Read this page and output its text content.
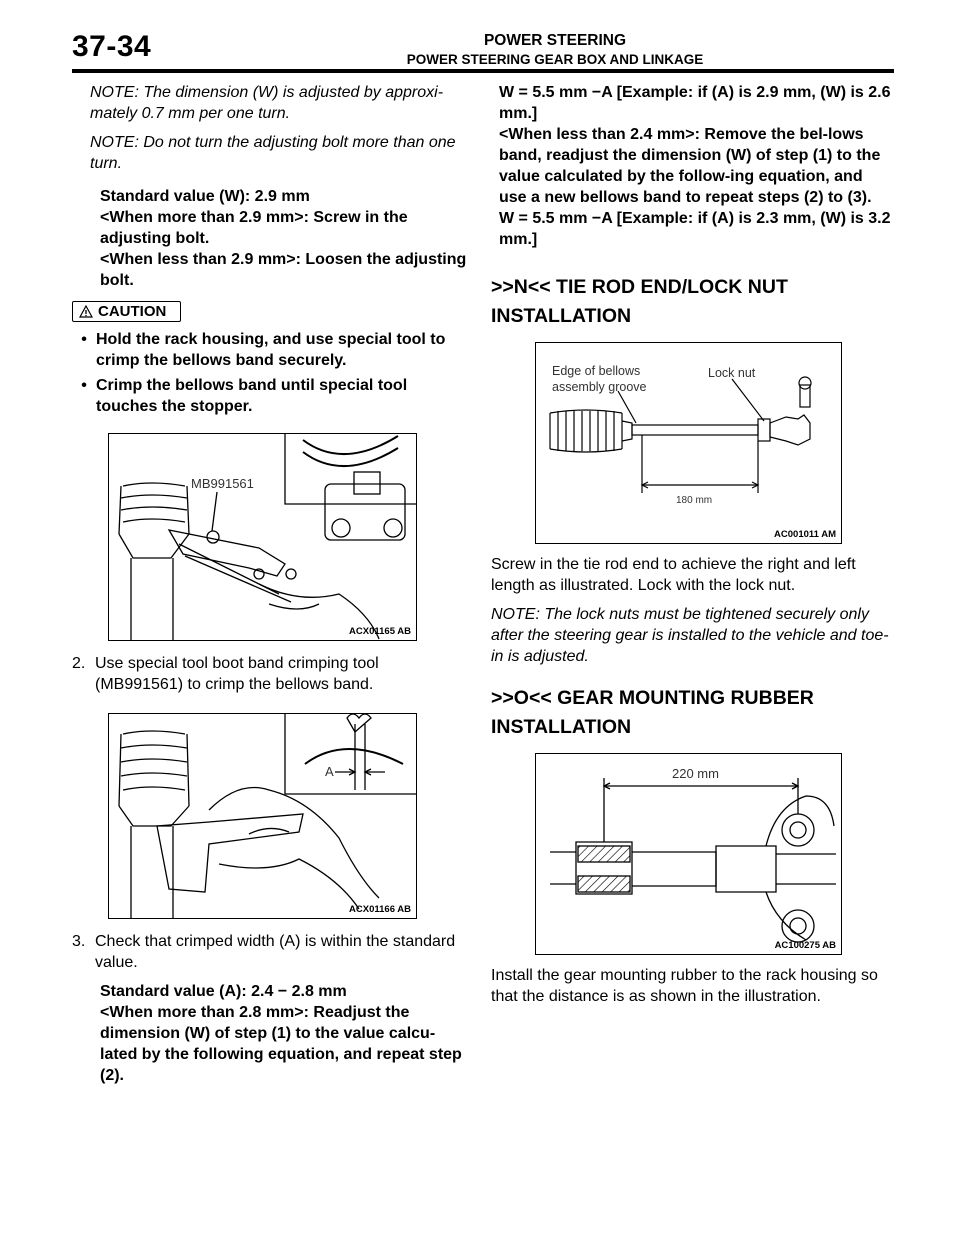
37-34	POWER STEERING
POWER STEERING GEAR BOX AND LINKAGE

NOTE: The dimension (W) is adjusted by approxi-mately 0.7 mm per one turn.

NOTE: Do not turn the adjusting bolt more than one turn.

Standard value (W): 2.9 mm

<When more than 2.9 mm>: Screw in the adjusting bolt.

<When less than 2.9 mm>: Loosen the adjusting bolt.

CAUTION
• Hold the rack housing, and use special tool to crimp the bellows band securely.
• Crimp the bellows band until special tool touches the stopper.
MB991561
ACX01165 AB
2. Use special tool boot band crimping tool (MB991561) to crimp the bellows band.
A
ACX01166 AB
3. Check that crimped width (A) is within the standard value.

Standard value (A): 2.4 − 2.8 mm

<When more than 2.8 mm>: Readjust the dimension (W) of step (1) to the value calcu-lated by the following equation, and repeat step (2).

W = 5.5 mm −A [Example: if (A) is 2.9 mm, (W) is 2.6 mm.]

<When less than 2.4 mm>: Remove the bel-lows band, readjust the dimension (W) of step (1) to the value calculated by the follow-ing equation, and use a new bellows band to repeat steps (2) to (3).

W = 5.5 mm −A [Example: if (A) is 2.3 mm, (W) is 3.2 mm.]

>>N<< TIE ROD END/LOCK NUT
INSTALLATION
Edge of bellows
assembly groove
Lock nut
180 mm
AC001011 AM

Screw in the tie rod end to achieve the right and left length as illustrated. Lock with the lock nut.

NOTE: The lock nuts must be tightened securely only after the steering gear is installed to the vehicle and toe-in is adjusted.

>>O<< GEAR MOUNTING RUBBER
INSTALLATION
220 mm
AC100275 AB

Install the gear mounting rubber to the rack housing so that the distance is as shown in the illustration.
